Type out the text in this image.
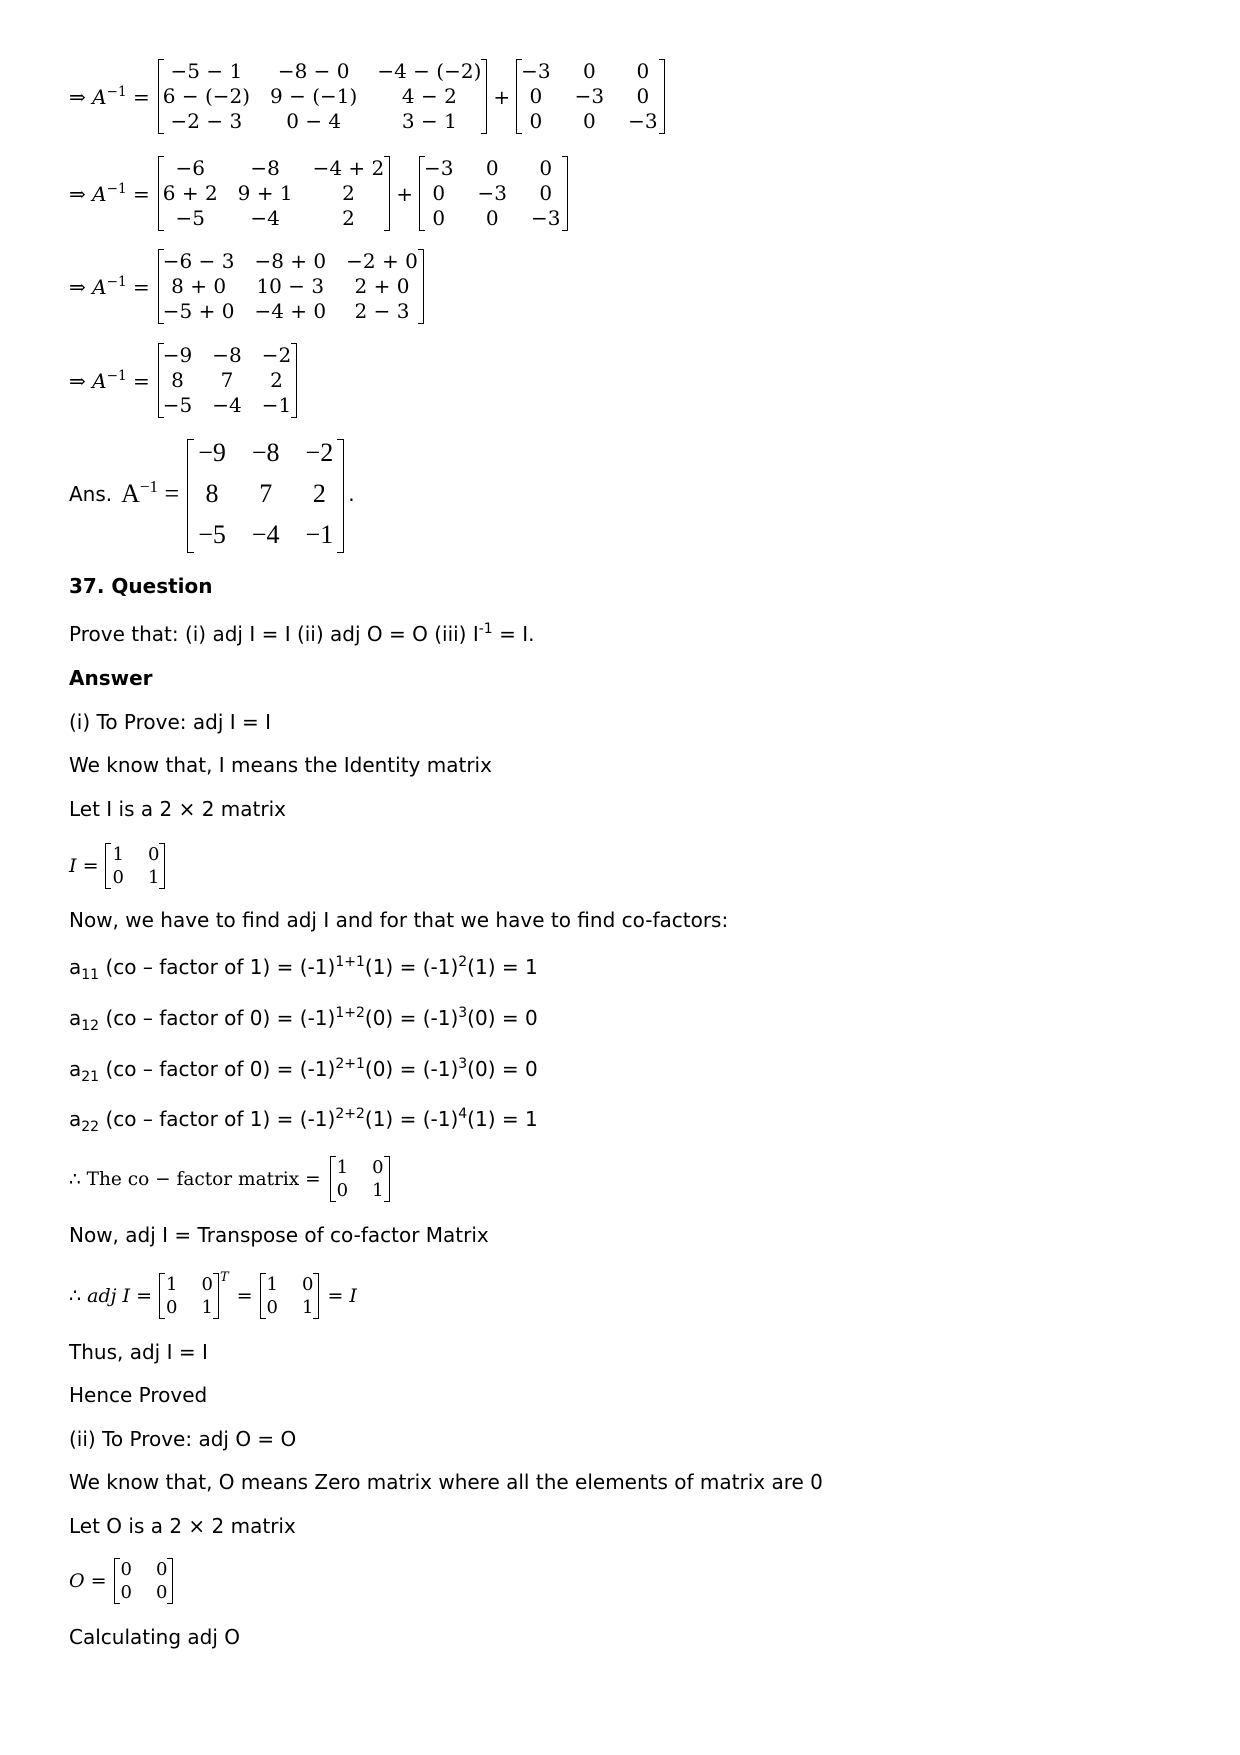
⇒ $A^{-1}$ =
−5 − 1	−8 − 0	−4 − (−2)
6 − (−2)	9 − (−1)	4 − 2
−2 − 3	0 − 4	3 − 1
+
−3	0	0
0	−3	0
0	0	−3
⇒ $A^{-1}$ =
−6	−8	−4 + 2
6 + 2	9 + 1	2
−5	−4	2
+
−3	0	0
0	−3	0
0	0	−3
⇒ $A^{-1}$ =
−6 − 3	−8 + 0	−2 + 0
8 + 0	10 − 3	2 + 0
−5 + 0	−4 + 0	2 − 3
⇒ $A^{-1}$ =
−9	−8	−2
8	7	2
−5	−4	−1
Ans. $A^{-1}$ =
−9	−8	−2
8	7	2
−5	−4	−1
.
37. Question
Prove that: (i) adj I = I (ii) adj O = O (iii) $I^{-1} = I$.
Answer
(i) To Prove: adj I = I
We know that, I means the Identity matrix
Let I is a 2 × 2 matrix
I =
1	0
0	1
Now, we have to find adj I and for that we have to find co-factors:
$a_{11}$ (co – factor of $1) = (-1)^{1+1}(1) = (-1)^2(1) = 1$
$a_{12}$ (co – factor of $0) = (-1)^{1+2}(0) = (-1)^3(0) = 0$
$a_{21}$ (co – factor of $0) = (-1)^{2+1}(0) = (-1)^3(0) = 0$
$a_{22}$ (co – factor of $1) = (-1)^{2+2}(1) = (-1)^4(1) = 1$
∴ The co − factor matrix =
1	0
0	1
Now, adj I = Transpose of co-factor Matrix
∴ adj I =
1	0
0	1
T
=
1	0
0	1
= I
Thus, adj I = I
Hence Proved
(ii) To Prove: adj O = O
We know that, O means Zero matrix where all the elements of matrix are 0
Let O is a 2 × 2 matrix
O =
0	0
0	0
Calculating adj O
